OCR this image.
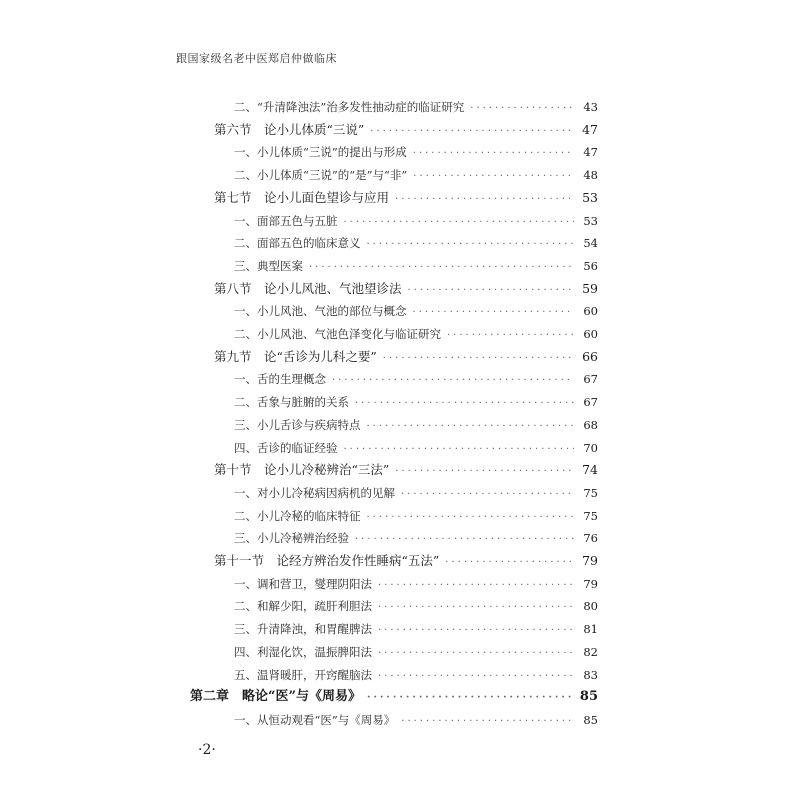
跟国家级名老中医郑启仲做临床
二、“升清降浊法”治多发性抽动症的临证研究 ·····	43
第六节　论小儿体质“三说” ·····	47
一、小儿体质“三说”的提出与形成 ·····	47
二、小儿体质“三说”的“是”与“非” ·····	48
第七节　论小儿面色望诊与应用 ·····	53
一、面部五色与五脏 ·····	53
二、面部五色的临床意义 ·····	54
三、典型医案 ·····	56
第八节　论小儿风池、气池望诊法 ·····	59
一、小儿风池、气池的部位与概念 ·····	60
二、小儿风池、气池色泽变化与临证研究 ·····	60
第九节　论“舌诊为儿科之要” ·····	66
一、舌的生理概念 ·····	67
二、舌象与脏腑的关系 ·····	67
三、小儿舌诊与疾病特点 ·····	68
四、舌诊的临证经验 ·····	70
第十节　论小儿冷秘辨治“三法” ·····	74
一、对小儿冷秘病因病机的见解 ·····	75
二、小儿冷秘的临床特征 ·····	75
三、小儿冷秘辨治经验 ·····	76
第十一节　论经方辨治发作性睡病“五法” ·····	79
一、调和营卫，燮理阴阳法 ·····	79
二、和解少阳，疏肝利胆法 ·····	80
三、升清降浊，和胃醒脾法 ·····	81
四、利湿化饮，温振脾阳法 ·····	82
五、温肾暖肝，开窍醒脑法 ·····	83
第二章　略论“医”与《周易》 ·····	85
一、从恒动观看“医”与《周易》 ·····	85
·2·
